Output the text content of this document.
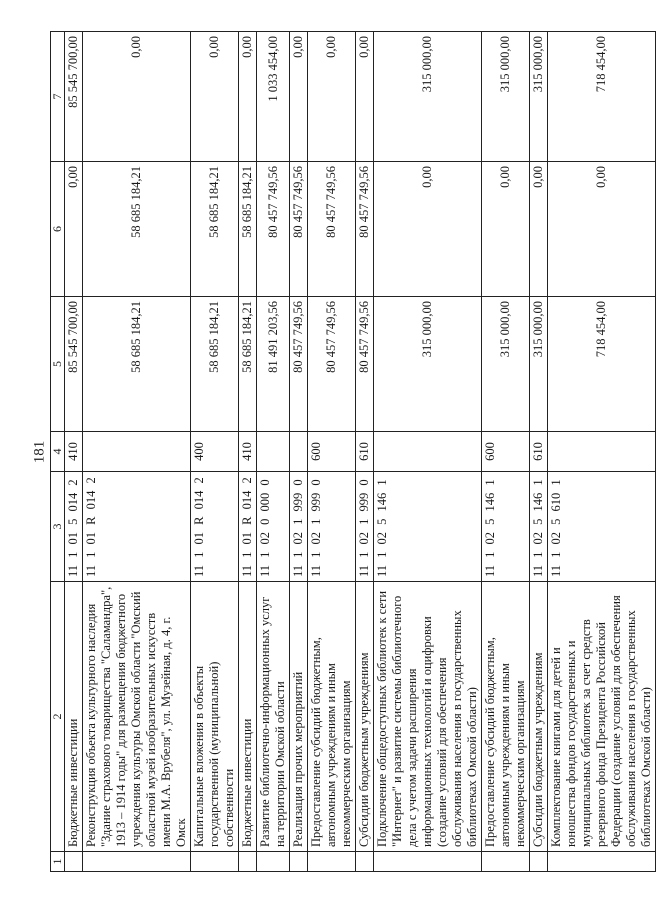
181
1	2	3	4	5	6	7
	Бюджетные инвестиции	11 1 01 5 014 2	410	85 545 700,00	0,00	85 545 700,00
	Реконструкция объекта культурного наследия "Здание страхового товарищества "Саламандра", 1913 – 1914 годы" для размещения бюджетного учреждения культуры Омской области "Омский областной музей изобразительных искусств имени М.А. Врубеля", ул. Музейная, д. 4, г. Омск	11 1 01 R 014 2		58 685 184,21	58 685 184,21	0,00
	Капитальные вложения в объекты государственной (муниципальной) собственности	11 1 01 R 014 2	400	58 685 184,21	58 685 184,21	0,00
	Бюджетные инвестиции	11 1 01 R 014 2	410	58 685 184,21	58 685 184,21	0,00
	Развитие библиотечно-информационных услуг на территории Омской области	11 1 02 0 000 0		81 491 203,56	80 457 749,56	1 033 454,00
	Реализация прочих мероприятий	11 1 02 1 999 0		80 457 749,56	80 457 749,56	0,00
	Предоставление субсидий бюджетным, автономным учреждениям и иным некоммерческим организациям	11 1 02 1 999 0	600	80 457 749,56	80 457 749,56	0,00
	Субсидии бюджетным учреждениям	11 1 02 1 999 0	610	80 457 749,56	80 457 749,56	0,00
	Подключение общедоступных библиотек к сети "Интернет" и развитие системы библиотечного дела с учетом задачи расширения информационных технологий и оцифровки (создание условий для обеспечения обслуживания населения в государственных библиотеках Омской области)	11 1 02 5 146 1		315 000,00	0,00	315 000,00
	Предоставление субсидий бюджетным, автономным учреждениям и иным некоммерческим организациям	11 1 02 5 146 1	600	315 000,00	0,00	315 000,00
	Субсидии бюджетным учреждениям	11 1 02 5 146 1	610	315 000,00	0,00	315 000,00
	Комплектование книгами для детей и юношества фондов государственных и муниципальных библиотек за счет средств резервного фонда Президента Российской Федерации (создание условий для обеспечения обслуживания населения в государственных библиотеках Омской области)	11 1 02 5 610 1		718 454,00	0,00	718 454,00
